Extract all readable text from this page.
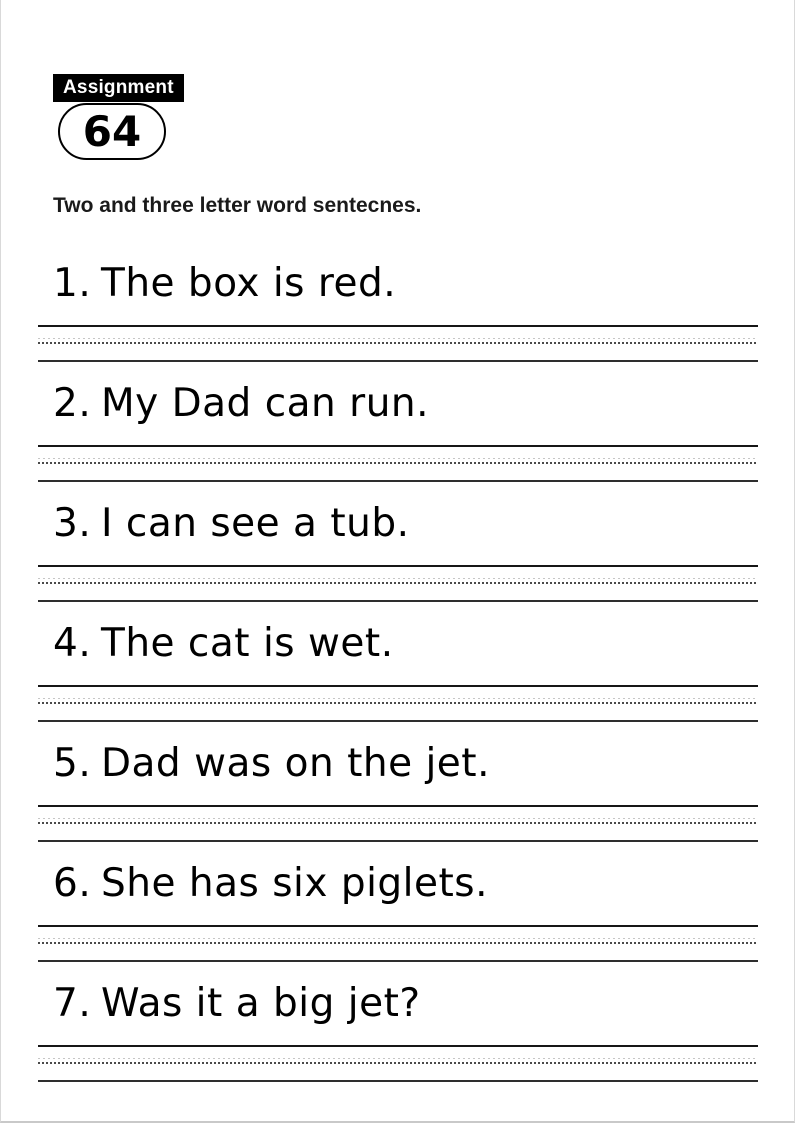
Assignment
64
Two and three letter word sentecnes.
1. The box is red.
2. My Dad can run.
3. I can see a tub.
4. The cat is wet.
5. Dad was on the jet.
6. She has six piglets.
7. Was it a big jet?
